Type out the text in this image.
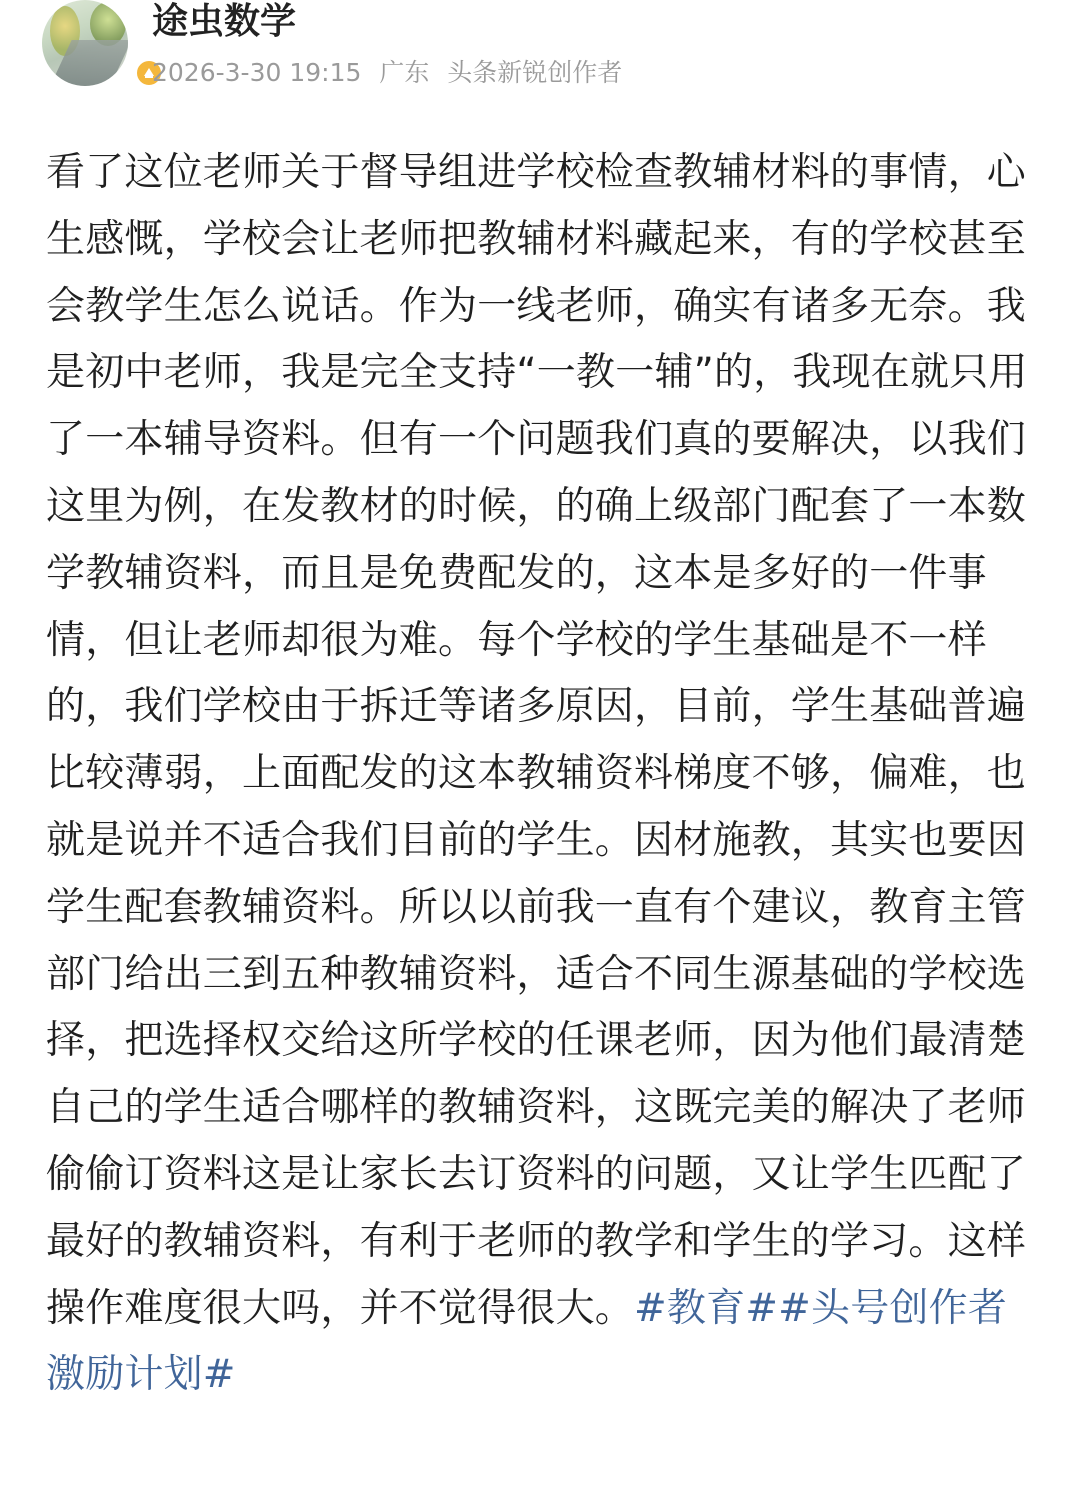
途虫数学
2026-3-30 19:15 广东 头条新锐创作者
看了这位老师关于督导组进学校检查教辅材料的事情，心生感慨，学校会让老师把教辅材料藏起来，有的学校甚至会教学生怎么说话。作为一线老师，确实有诸多无奈。我是初中老师，我是完全支持“一教一辅”的，我现在就只用了一本辅导资料。但有一个问题我们真的要解决，以我们这里为例，在发教材的时候，的确上级部门配套了一本数学教辅资料，而且是免费配发的，这本是多好的一件事情，但让老师却很为难。每个学校的学生基础是不一样的，我们学校由于拆迁等诸多原因，目前，学生基础普遍比较薄弱，上面配发的这本教辅资料梯度不够，偏难，也就是说并不适合我们目前的学生。因材施教，其实也要因学生配套教辅资料。所以以前我一直有个建议，教育主管部门给出三到五种教辅资料，适合不同生源基础的学校选择，把选择权交给这所学校的任课老师，因为他们最清楚自己的学生适合哪样的教辅资料，这既完美的解决了老师偷偷订资料这是让家长去订资料的问题，又让学生匹配了最好的教辅资料，有利于老师的教学和学生的学习。这样操作难度很大吗，并不觉得很大。#教育##头号创作者激励计划#
